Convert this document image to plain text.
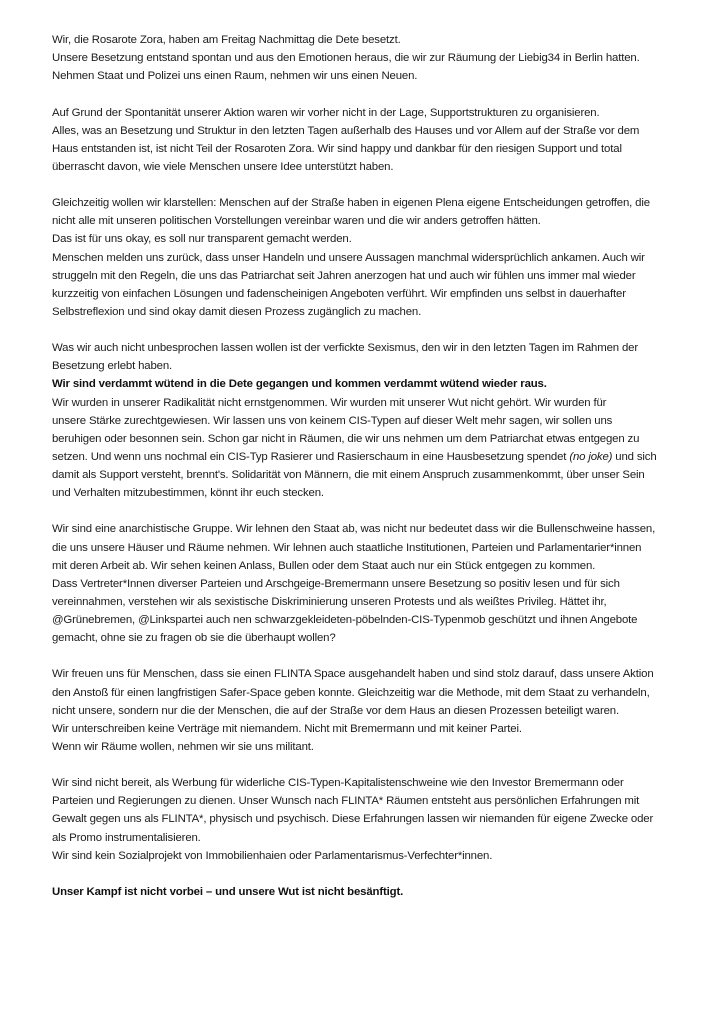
Wir, die Rosarote Zora, haben am Freitag Nachmittag die Dete besetzt.
Unsere Besetzung entstand spontan und aus den Emotionen heraus, die wir zur Räumung der Liebig34 in Berlin hatten.
Nehmen Staat und Polizei uns einen Raum, nehmen wir uns einen Neuen.

Auf Grund der Spontanität unserer Aktion waren wir vorher nicht in der Lage, Supportstrukturen zu organisieren.
Alles, was an Besetzung und Struktur in den letzten Tagen außerhalb des Hauses und vor Allem auf der Straße vor dem
Haus entstanden ist, ist nicht Teil der Rosaroten Zora. Wir sind happy und dankbar für den riesigen Support und total
überrascht davon, wie viele Menschen unsere Idee unterstützt haben.

Gleichzeitig wollen wir klarstellen: Menschen auf der Straße haben in eigenen Plena eigene Entscheidungen getroffen, die
nicht alle mit unseren politischen Vorstellungen vereinbar waren und die wir anders getroffen hätten.
Das ist für uns okay, es soll nur transparent gemacht werden.
Menschen melden uns zurück, dass unser Handeln und unsere Aussagen manchmal widersprüchlich ankamen. Auch wir
struggeln mit den Regeln, die uns das Patriarchat seit Jahren anerzogen hat und auch wir fühlen uns immer mal wieder
kurzzeitig von einfachen Lösungen und fadenscheinigen Angeboten verführt. Wir empfinden uns selbst in dauerhafter
Selbstreflexion und sind okay damit diesen Prozess zugänglich zu machen.

Was wir auch nicht unbesprochen lassen wollen ist der verfickte Sexismus, den wir in den letzten Tagen im Rahmen der
Besetzung erlebt haben.
Wir sind verdammt wütend in die Dete gegangen und kommen verdammt wütend wieder raus.
Wir wurden in unserer Radikalität nicht ernstgenommen. Wir wurden mit unserer Wut nicht gehört. Wir wurden für
unsere Stärke zurechtgewiesen. Wir lassen uns von keinem CIS-Typen auf dieser Welt mehr sagen, wir sollen uns
beruhigen oder besonnen sein. Schon gar nicht in Räumen, die wir uns nehmen um dem Patriarchat etwas entgegen zu
setzen. Und wenn uns nochmal ein CIS-Typ Rasierer und Rasierschaum in eine Hausbesetzung spendet (no joke) und sich
damit als Support versteht, brennt's. Solidarität von Männern, die mit einem Anspruch zusammenkommt, über unser Sein
und Verhalten mitzubestimmen, könnt ihr euch stecken.

Wir sind eine anarchistische Gruppe. Wir lehnen den Staat ab, was nicht nur bedeutet dass wir die Bullenschweine hassen,
die uns unsere Häuser und Räume nehmen. Wir lehnen auch staatliche Institutionen, Parteien und Parlamentarier*innen
mit deren Arbeit ab. Wir sehen keinen Anlass, Bullen oder dem Staat auch nur ein Stück entgegen zu kommen.
Dass Vertreter*Innen diverser Parteien und Arschgeige-Bremermann unsere Besetzung so positiv lesen und für sich
vereinnahmen, verstehen wir als sexistische Diskriminierung unseren Protests und als weißtes Privileg. Hättet ihr,
@Grünebremen, @Linkspartei auch nen schwarzgekleideten-pöbelnden-CIS-Typenmob geschützt und ihnen Angebote
gemacht, ohne sie zu fragen ob sie die überhaupt wollen?

Wir freuen uns für Menschen, dass sie einen FLINTA Space ausgehandelt haben und sind stolz darauf, dass unsere Aktion
den Anstoß für einen langfristigen Safer-Space geben konnte. Gleichzeitig war die Methode, mit dem Staat zu verhandeln,
nicht unsere, sondern nur die der Menschen, die auf der Straße vor dem Haus an diesen Prozessen beteiligt waren.
Wir unterschreiben keine Verträge mit niemandem. Nicht mit Bremermann und mit keiner Partei.
Wenn wir Räume wollen, nehmen wir sie uns militant.

Wir sind nicht bereit, als Werbung für widerliche CIS-Typen-Kapitalistenschweine wie den Investor Bremermann oder
Parteien und Regierungen zu dienen. Unser Wunsch nach FLINTA* Räumen entsteht aus persönlichen Erfahrungen mit
Gewalt gegen uns als FLINTA*, physisch und psychisch. Diese Erfahrungen lassen wir niemanden für eigene Zwecke oder
als Promo instrumentalisieren.
Wir sind kein Sozialprojekt von Immobilienhaien oder Parlamentarismus-Verfechter*innen.

Unser Kampf ist nicht vorbei – und unsere Wut ist nicht besänftigt.
